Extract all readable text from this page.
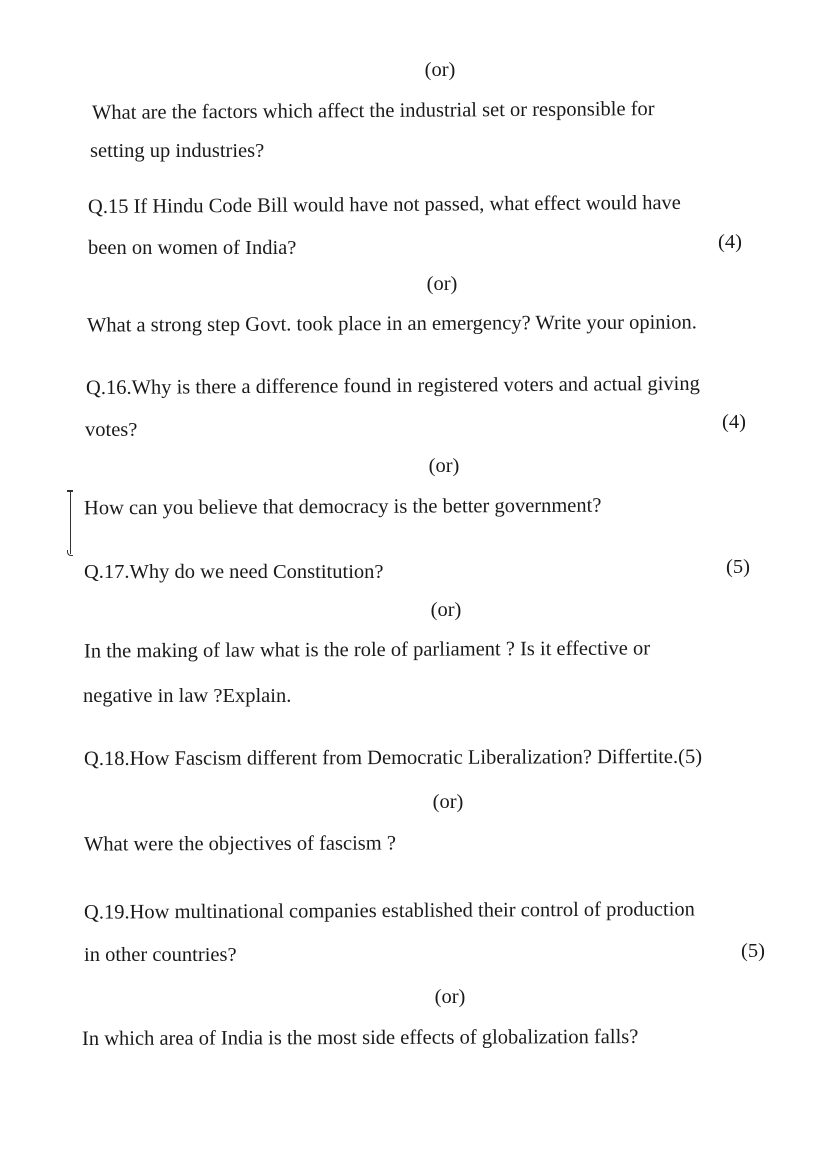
(or)
What are the factors which affect the industrial set or responsible for
setting up industries?
Q.15 If Hindu Code Bill would have not passed, what effect would have
been on women of India?	(4)
(or)
What a strong step Govt. took place in an emergency? Write your opinion.
Q.16.Why is there a difference found in registered voters and actual giving
votes?	(4)
(or)
How can you believe that democracy is the better government?
Q.17.Why do we need Constitution?	(5)
(or)
In the making of law what is the role of parliament ? Is it effective or
negative in law ?Explain.
Q.18.How Fascism different from Democratic Liberalization? Differtite.(5)
(or)
What were the objectives of fascism ?
Q.19.How multinational companies established their control of production
in other countries?	(5)
(or)
In which area of India is the most side effects of globalization falls?
